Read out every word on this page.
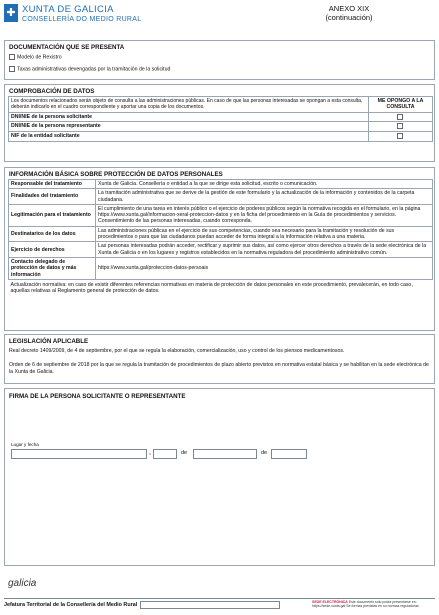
✚ XUNTA DE GALICIA
CONSELLERÍA DO MEDIO RURAL
ANEXO XIX
(continuación)
DOCUMENTACIÓN QUE SE PRESENTA
Modelo de Rexistro
Taxas administrativas devengadas por la tramitación de la solicitud
COMPROBACIÓN DE DATOS
Los documentos relacionados serán objeto de consulta a las administraciones públicas. En caso de que las personas interesadas se opongan a esta consulta, deberán indicarlo en el cuadro correspondiente y aportar una copia de los documentos.	ME OPONGO A LA CONSULTA
DNI/NIE de la persona solicitante	
DNI/NIE de la persona representante	
NIF de la entidad solicitante	
INFORMACIÓN BÁSICA SOBRE PROTECCIÓN DE DATOS PERSONALES
Responsable del tratamiento	Xunta de Galicia. Consellería o entidad a la que se dirige esta solicitud, escrito o comunicación.
Finalidades del tratamiento	La tramitación administrativa que se derive de la gestión de este formulario y la actualización de la información y contenidos de la carpeta ciudadana.
Legitimación para el tratamiento	El cumplimiento de una tarea en interés público o el ejercicio de poderes públicos según la normativa recogida en el formulario, en la página https://www.xunta.gal/informacion-xeral-proteccion-datos y en la ficha del procedimiento en la Guía de procedimientos y servicios. Consentimiento de las personas interesadas, cuando corresponda.
Destinatarios de los datos	Las administraciones públicas en el ejercicio de sus competencias, cuando sea necesario para la tramitación y resolución de sus procedimientos o para que las ciudadanos puedan acceder de forma integral a la información relativa a una materia.
Ejercicio de derechos	Las personas interesadas podrán acceder, rectificar y suprimir sus datos, así como ejercer otros derechos a través de la sede electrónica de la Xunta de Galicia o en los lugares y registros establecidos en la normativa reguladora del procedimiento administrativo común.
Contacto delegado de protección de datos y más información	https://www.xunta.gal/proteccion-datos-persoais
Actualización normativa: en caso de existir diferentes referencias normativas en materia de protección de datos personales en este procedimiento, prevalecerán, en todo caso, aquellas relativas al Reglamento general de protección de datos.	
LEGISLACIÓN APLICABLE
Real decreto 1409/2009, de 4 de septiembre, por el que se regula la elaboración, comercialización, uso y control de los piensos medicamentosos.
Orden de 6 de septiembre de 2018 por la que se regula la tramitación de procedimientos de plazo abierto previstos en normativa estatal básica y se habilitan en la sede electrónica de la Xunta de Galicia.
FIRMA DE LA PERSONA SOLICITANTE O REPRESENTANTE
Lugar y fecha
,	de	de
galicia
Jefatura Territorial de la Consellería del Medio Rural	SEDE ELECTRÓNICA Este documento solo podrá presentarse en: https://sede.xunta.gal Se formas previstas en su normas reguladoras
